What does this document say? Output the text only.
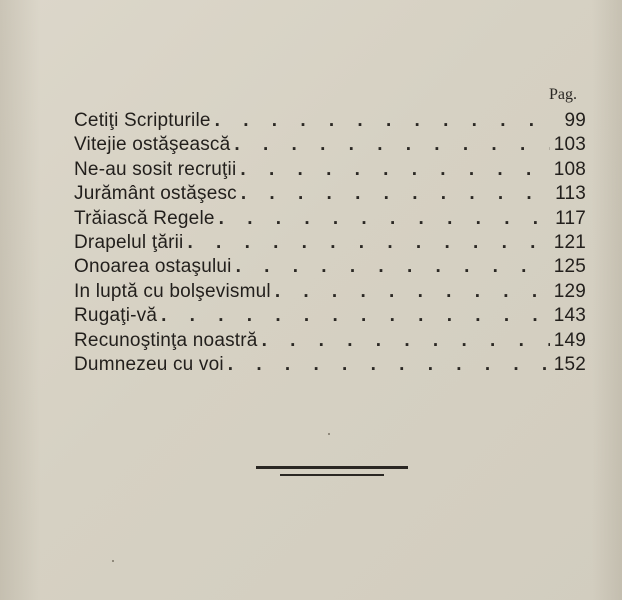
Pag.
Cetiţi Scripturile . . .	99
Vitejie ostăşească . . .	103
Ne-au sosit recruţii . . .	108
Jurământ ostăşesc . . .	113
Trăiască Regele . . .	117
Drapelul ţării . . .	121
Onoarea ostaşului . . .	125
In luptă cu bolşevismul . . .	129
Rugaţi-vă . . .	143
Recunoştinţa noastră . . .	149
Dumnezeu cu voi . . .	152
